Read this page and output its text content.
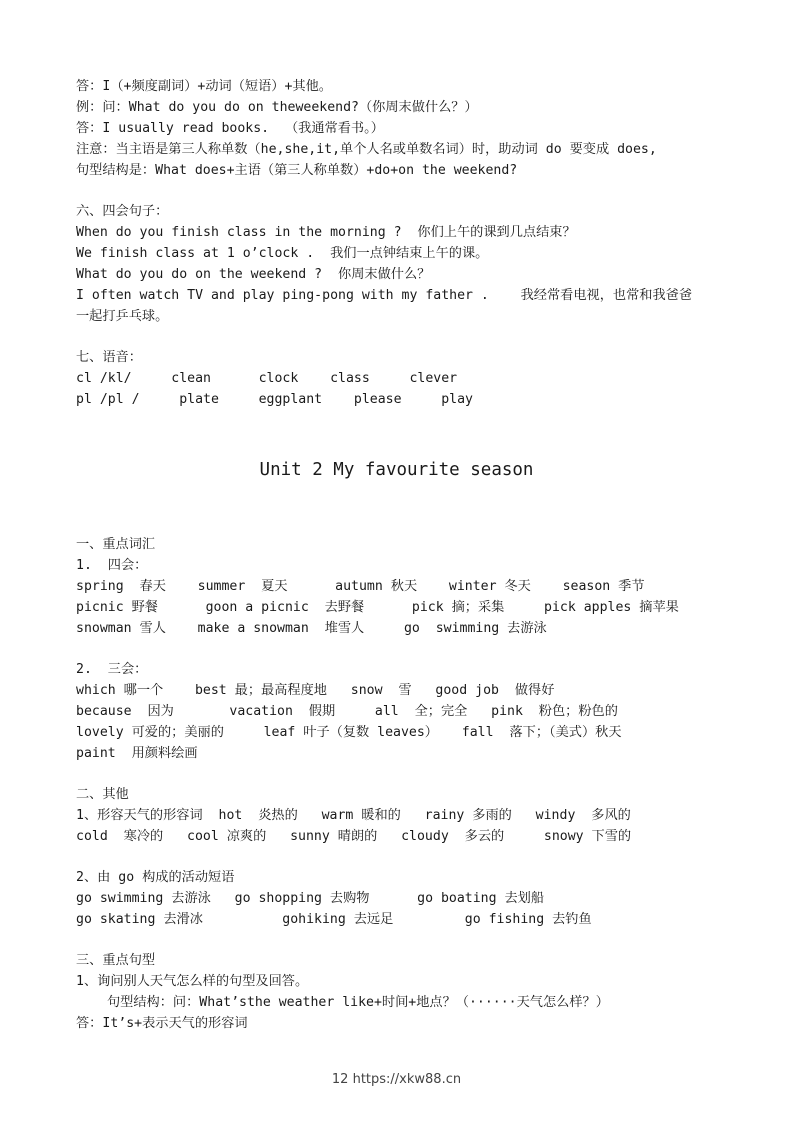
答：I（+频度副词）+动词（短语）+其他。
例：问：What do you do on theweekend?（你周末做什么？）
答：I usually read books.  （我通常看书。）
注意：当主语是第三人称单数（he,she,it,单个人名或单数名词）时，助动词 do 要变成 does,
句型结构是：What does+主语（第三人称单数）+do+on the weekend?
六、四会句子：
When do you finish class in the morning ?  你们上午的课到几点结束？
We finish class at 1 o’clock .  我们一点钟结束上午的课。
What do you do on the weekend ?  你周末做什么？
I often watch TV and play ping-pong with my father .    我经常看电视，也常和我爸爸
一起打乒乓球。
七、语音：
cl /kl/     clean      clock    class     clever
pl /pl /     plate     eggplant    please     play
Unit 2 My favourite season
一、重点词汇
1.  四会：
spring  春天    summer  夏天      autumn 秋天    winter 冬天    season 季节
picnic 野餐      goon a picnic  去野餐      pick 摘；采集     pick apples 摘苹果
snowman 雪人    make a snowman  堆雪人     go  swimming 去游泳
2.  三会：
which 哪一个    best 最；最高程度地   snow  雪   good job  做得好
because  因为       vacation  假期     all  全；完全   pink  粉色；粉色的
lovely 可爱的；美丽的     leaf 叶子（复数 leaves）   fall  落下；（美式）秋天
paint  用颜料绘画
二、其他
1、形容天气的形容词  hot  炎热的   warm 暖和的   rainy 多雨的   windy  多风的
cold  寒冷的   cool 凉爽的   sunny 晴朗的   cloudy  多云的     snowy 下雪的
2、由 go 构成的活动短语
go swimming 去游泳   go shopping 去购物      go boating 去划船
go skating 去滑冰          gohiking 去远足         go fishing 去钓鱼
三、重点句型
1、询问别人天气怎么样的句型及回答。
句型结构：问：What’sthe weather like+时间+地点？（······天气怎么样？）
答：It’s+表示天气的形容词
12 https://xkw88.cn
